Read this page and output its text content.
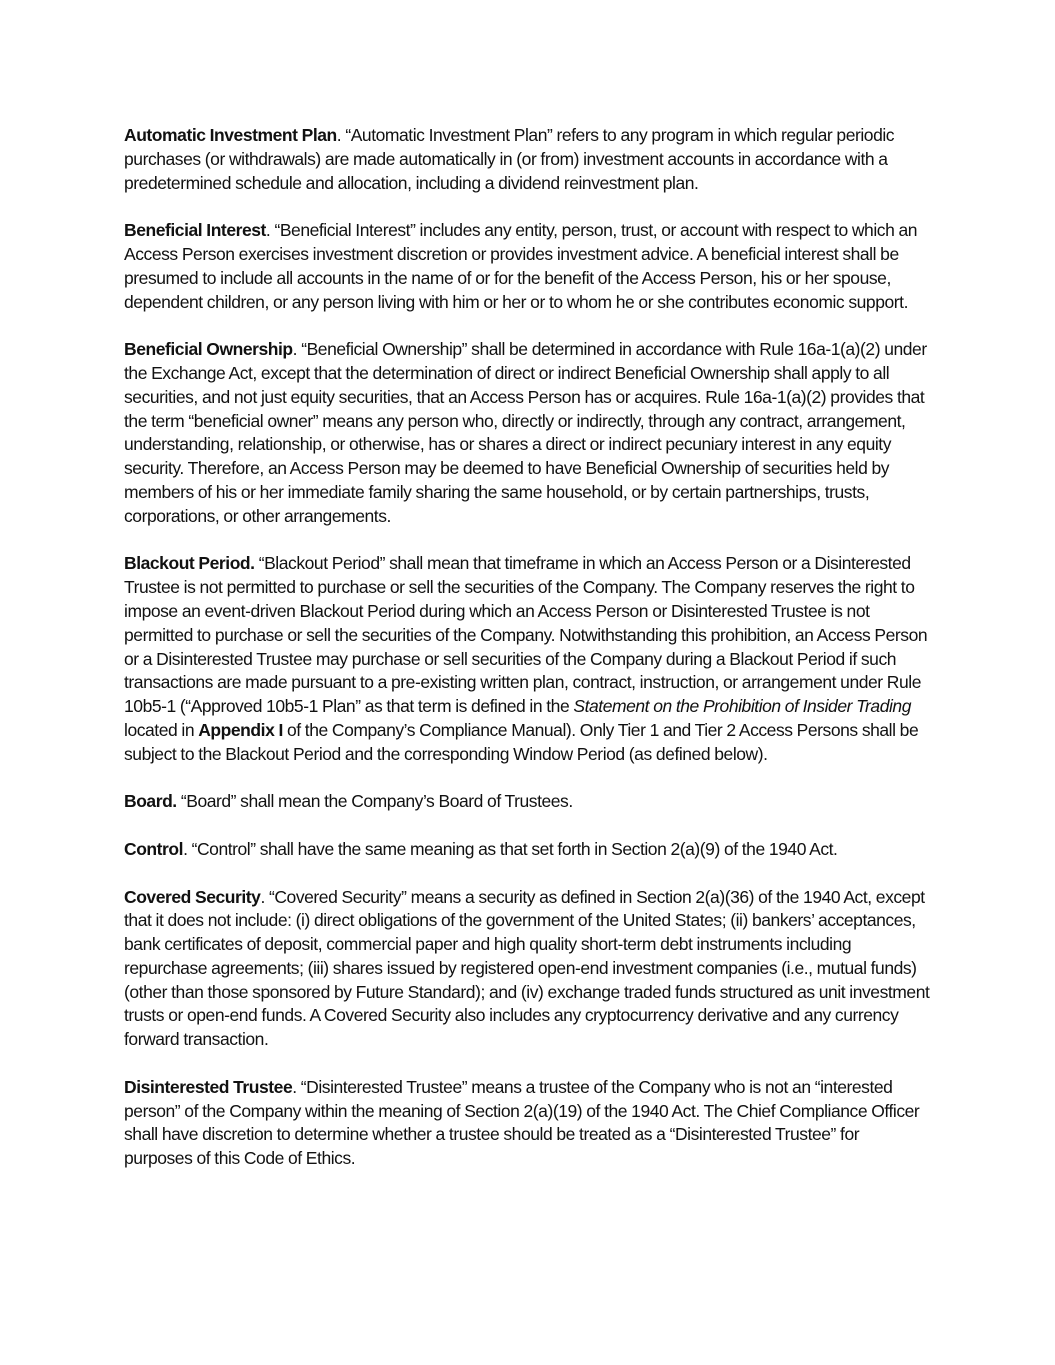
Automatic Investment Plan. “Automatic Investment Plan” refers to any program in which regular periodic purchases (or withdrawals) are made automatically in (or from) investment accounts in accordance with a predetermined schedule and allocation, including a dividend reinvestment plan.

Beneficial Interest. “Beneficial Interest” includes any entity, person, trust, or account with respect to which an Access Person exercises investment discretion or provides investment advice. A beneficial interest shall be presumed to include all accounts in the name of or for the benefit of the Access Person, his or her spouse, dependent children, or any person living with him or her or to whom he or she contributes economic support.

Beneficial Ownership. “Beneficial Ownership” shall be determined in accordance with Rule 16a-1(a)(2) under the Exchange Act, except that the determination of direct or indirect Beneficial Ownership shall apply to all securities, and not just equity securities, that an Access Person has or acquires. Rule 16a-1(a)(2) provides that the term “beneficial owner” means any person who, directly or indirectly, through any contract, arrangement, understanding, relationship, or otherwise, has or shares a direct or indirect pecuniary interest in any equity security. Therefore, an Access Person may be deemed to have Beneficial Ownership of securities held by members of his or her immediate family sharing the same household, or by certain partnerships, trusts, corporations, or other arrangements.

Blackout Period. “Blackout Period” shall mean that timeframe in which an Access Person or a Disinterested Trustee is not permitted to purchase or sell the securities of the Company. The Company reserves the right to impose an event-driven Blackout Period during which an Access Person or Disinterested Trustee is not permitted to purchase or sell the securities of the Company. Notwithstanding this prohibition, an Access Person or a Disinterested Trustee may purchase or sell securities of the Company during a Blackout Period if such transactions are made pursuant to a pre-existing written plan, contract, instruction, or arrangement under Rule 10b5-1 (“Approved 10b5-1 Plan” as that term is defined in the Statement on the Prohibition of Insider Trading located in Appendix I of the Company’s Compliance Manual). Only Tier 1 and Tier 2 Access Persons shall be subject to the Blackout Period and the corresponding Window Period (as defined below).

Board. “Board” shall mean the Company’s Board of Trustees.

Control. “Control” shall have the same meaning as that set forth in Section 2(a)(9) of the 1940 Act.

Covered Security. “Covered Security” means a security as defined in Section 2(a)(36) of the 1940 Act, except that it does not include: (i) direct obligations of the government of the United States; (ii) bankers’ acceptances, bank certificates of deposit, commercial paper and high quality short-term debt instruments including repurchase agreements; (iii) shares issued by registered open-end investment companies (i.e., mutual funds) (other than those sponsored by Future Standard); and (iv) exchange traded funds structured as unit investment trusts or open-end funds. A Covered Security also includes any cryptocurrency derivative and any currency forward transaction.

Disinterested Trustee. “Disinterested Trustee” means a trustee of the Company who is not an “interested person” of the Company within the meaning of Section 2(a)(19) of the 1940 Act. The Chief Compliance Officer shall have discretion to determine whether a trustee should be treated as a “Disinterested Trustee” for purposes of this Code of Ethics.
